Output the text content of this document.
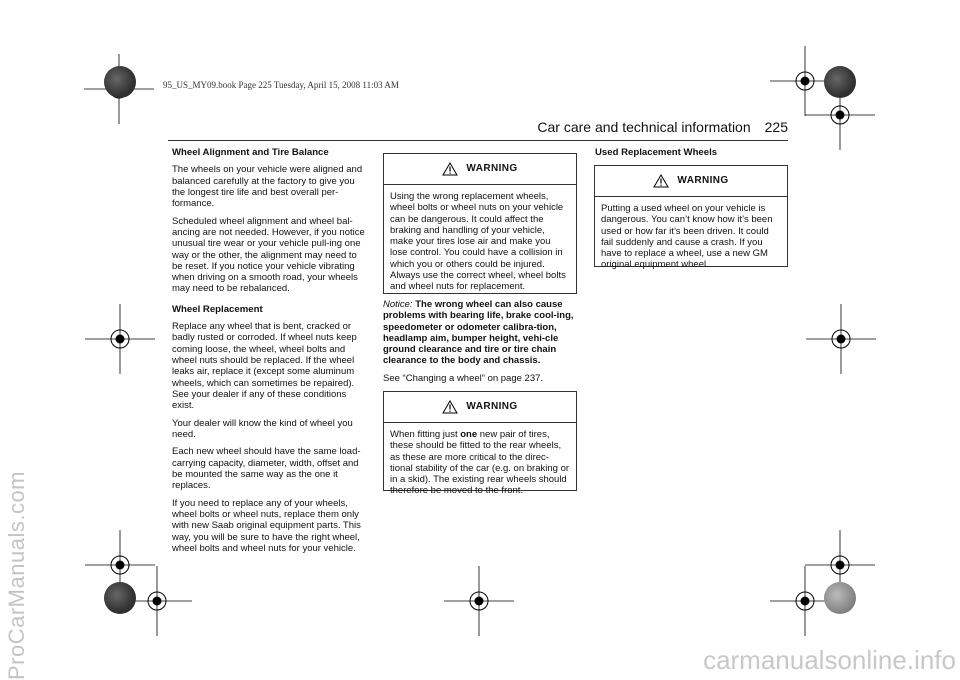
ProCarManuals.com	carmanualsonline.info
95_US_MY09.book Page 225 Tuesday, April 15, 2008 11:03 AM
Car care and technical information 225
Wheel Alignment and Tire Balance

The wheels on your vehicle were aligned and balanced carefully at the factory to give you the longest tire life and best overall per-formance.

Scheduled wheel alignment and wheel bal-ancing are not needed. However, if you notice unusual tire wear or your vehicle pull-ing one way or the other, the alignment may need to be reset. If you notice your vehicle vibrating when driving on a smooth road, your wheels may need to be rebalanced.

Wheel Replacement

Replace any wheel that is bent, cracked or badly rusted or corroded. If wheel nuts keep coming loose, the wheel, wheel bolts and wheel nuts should be replaced. If the wheel leaks air, replace it (except some aluminum wheels, which can sometimes be repaired). See your dealer if any of these conditions exist.

Your dealer will know the kind of wheel you need.

Each new wheel should have the same load-carrying capacity, diameter, width, offset and be mounted the same way as the one it replaces.

If you need to replace any of your wheels, wheel bolts or wheel nuts, replace them only with new Saab original equipment parts. This way, you will be sure to have the right wheel, wheel bolts and wheel nuts for your vehicle.

WARNING
Using the wrong replacement wheels, wheel bolts or wheel nuts on your vehicle can be dangerous. It could affect the braking and handling of your vehicle, make your tires lose air and make you lose control. You could have a collision in which you or others could be injured. Always use the correct wheel, wheel bolts and wheel nuts for replacement.

Notice: The wrong wheel can also cause problems with bearing life, brake cool-ing, speedometer or odometer calibra-tion, headlamp aim, bumper height, vehi-cle ground clearance and tire or tire chain clearance to the body and chassis.

See “Changing a wheel” on page 237.

WARNING
When fitting just one new pair of tires, these should be fitted to the rear wheels, as these are more critical to the direc-tional stability of the car (e.g. on braking or in a skid). The existing rear wheels should therefore be moved to the front.
Used Replacement Wheels
WARNING
Putting a used wheel on your vehicle is dangerous. You can’t know how it’s been used or how far it’s been driven. It could fail suddenly and cause a crash. If you have to replace a wheel, use a new GM original equipment wheel.
